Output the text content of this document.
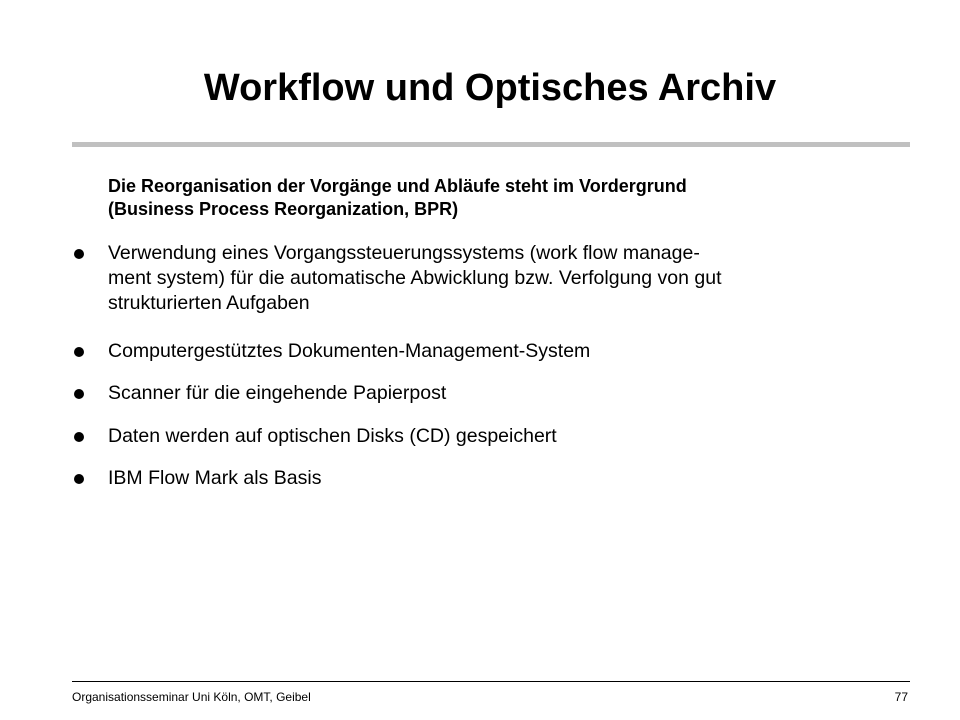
Workflow und Optisches Archiv
Die Reorganisation der Vorgänge und Abläufe steht im Vordergrund
(Business Process Reorganization, BPR)
Verwendung eines Vorgangssteuerungssystems (work flow manage-
ment system) für die automatische Abwicklung bzw. Verfolgung von gut
strukturierten Aufgaben
Computergestütztes Dokumenten-Management-System
Scanner für die eingehende Papierpost
Daten werden auf optischen Disks (CD) gespeichert
IBM Flow Mark als Basis
Organisationsseminar Uni Köln, OMT, Geibel	77
